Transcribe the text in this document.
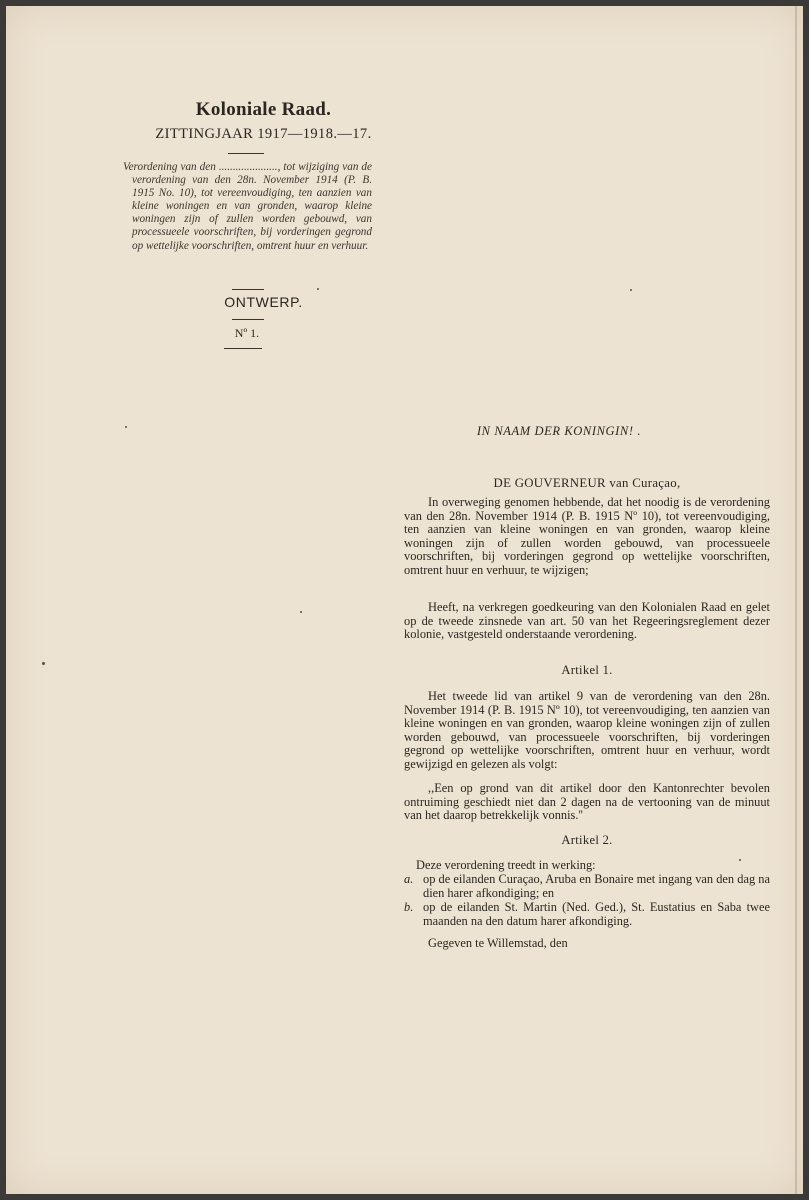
Koloniale Raad.
ZITTINGJAAR 1917—1918.—17.

Verordening van den ....................., tot wijziging van de verordening van den 28n. November 1914 (P. B. 1915 No. 10), tot vereenvoudiging, ten aanzien van kleine woningen en van gronden, waarop kleine woningen zijn of zullen worden gebouwd, van processueele voorschriften, bij vorderingen gegrond op wettelijke voorschriften, omtrent huur en verhuur.

ONTWERP.
Nº 1.
IN NAAM DER KONINGIN! .
DE GOUVERNEUR van Curaçao,
In overweging genomen hebbende, dat het noodig is de verordening van den 28n. November 1914 (P. B. 1915 Nº 10), tot vereenvoudiging, ten aanzien van kleine woningen en van gronden, waarop kleine woningen zijn of zullen worden gebouwd, van processueele voorschriften, bij vorderingen gegrond op wettelijke voorschriften, omtrent huur en verhuur, te wijzigen;
Heeft, na verkregen goedkeuring van den Kolonialen Raad en gelet op de tweede zinsnede van art. 50 van het Regeeringsreglement dezer kolonie, vastgesteld onderstaande verordening.
Artikel 1.
Het tweede lid van artikel 9 van de verordening van den 28n. November 1914 (P. B. 1915 Nº 10), tot vereenvoudiging, ten aanzien van kleine woningen en van gronden, waarop kleine woningen zijn of zullen worden gebouwd, van processueele voorschriften, bij vorderingen gegrond op wettelijke voorschriften, omtrent huur en verhuur, wordt gewijzigd en gelezen als volgt:
,,Een op grond van dit artikel door den Kantonrechter bevolen ontruiming geschiedt niet dan 2 dagen na de vertooning van de minuut van het daarop betrekkelijk vonnis.''
Artikel 2.
Deze verordening treedt in werking:
a. op de eilanden Curaçao, Aruba en Bonaire met ingang van den dag na dien harer afkondiging; en
b. op de eilanden St. Martin (Ned. Ged.), St. Eustatius en Saba twee maanden na den datum harer afkondiging.
Gegeven te Willemstad, den
